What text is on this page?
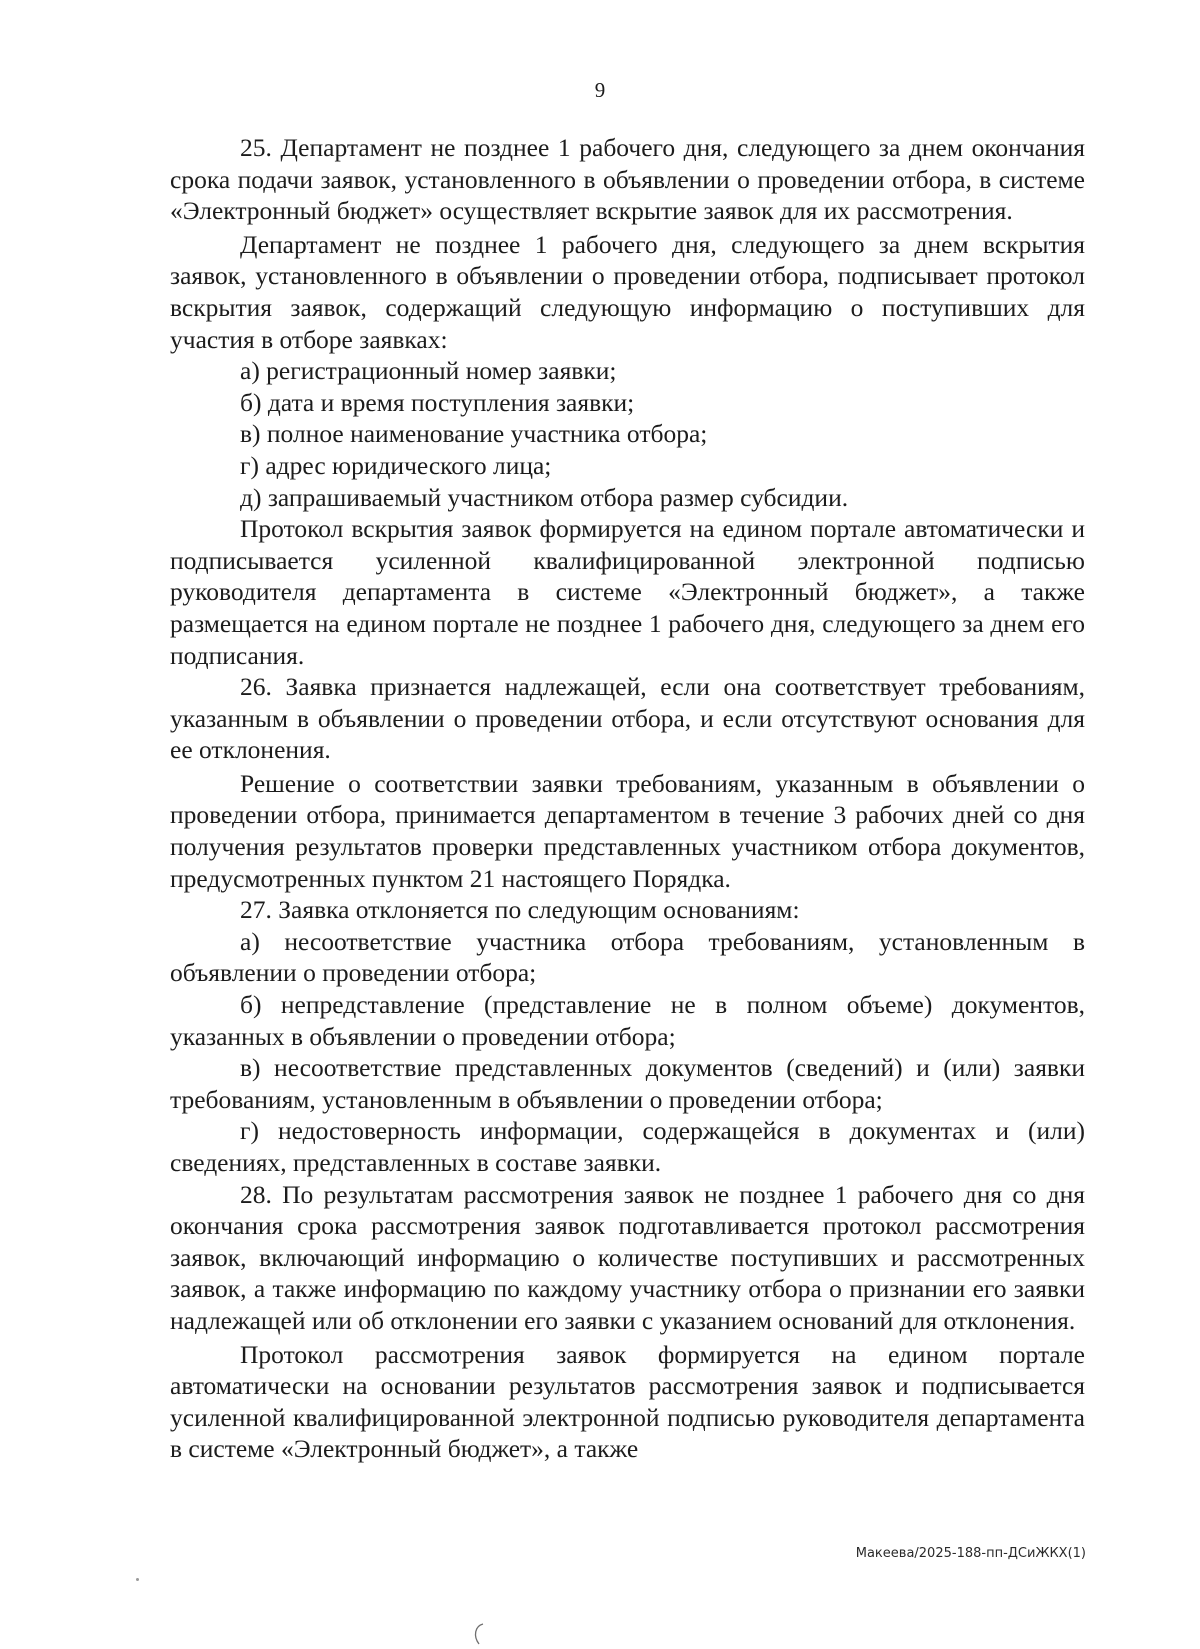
9

25. Департамент не позднее 1 рабочего дня, следующего за днем окончания срока подачи заявок, установленного в объявлении о проведении отбора, в системе «Электронный бюджет» осуществляет вскрытие заявок для их рассмотрения.

Департамент не позднее 1 рабочего дня, следующего за днем вскрытия заявок, установленного в объявлении о проведении отбора, подписывает протокол вскрытия заявок, содержащий следующую информацию о поступивших для участия в отборе заявках:

а) регистрационный номер заявки;

б) дата и время поступления заявки;

в) полное наименование участника отбора;

г) адрес юридического лица;

д) запрашиваемый участником отбора размер субсидии.

Протокол вскрытия заявок формируется на едином портале автоматически и подписывается усиленной квалифицированной электронной подписью руководителя департамента в системе «Электронный бюджет», а также размещается на едином портале не позднее 1 рабочего дня, следующего за днем его подписания.

26. Заявка признается надлежащей, если она соответствует требованиям, указанным в объявлении о проведении отбора, и если отсутствуют основания для ее отклонения.

Решение о соответствии заявки требованиям, указанным в объявлении о проведении отбора, принимается департаментом в течение 3 рабочих дней со дня получения результатов проверки представленных участником отбора документов, предусмотренных пунктом 21 настоящего Порядка.

27. Заявка отклоняется по следующим основаниям:

а) несоответствие участника отбора требованиям, установленным в объявлении о проведении отбора;

б) непредставление (представление не в полном объеме) документов, указанных в объявлении о проведении отбора;

в) несоответствие представленных документов (сведений) и (или) заявки требованиям, установленным в объявлении о проведении отбора;

г) недостоверность информации, содержащейся в документах и (или) сведениях, представленных в составе заявки.

28. По результатам рассмотрения заявок не позднее 1 рабочего дня со дня окончания срока рассмотрения заявок подготавливается протокол рассмотрения заявок, включающий информацию о количестве поступивших и рассмотренных заявок, а также информацию по каждому участнику отбора о признании его заявки надлежащей или об отклонении его заявки с указанием оснований для отклонения.

Протокол рассмотрения заявок формируется на едином портале автоматически на основании результатов рассмотрения заявок и подписывается усиленной квалифицированной электронной подписью руководителя департамента в системе «Электронный бюджет», а также

Макеева/2025-188-пп-ДСиЖКХ(1)
